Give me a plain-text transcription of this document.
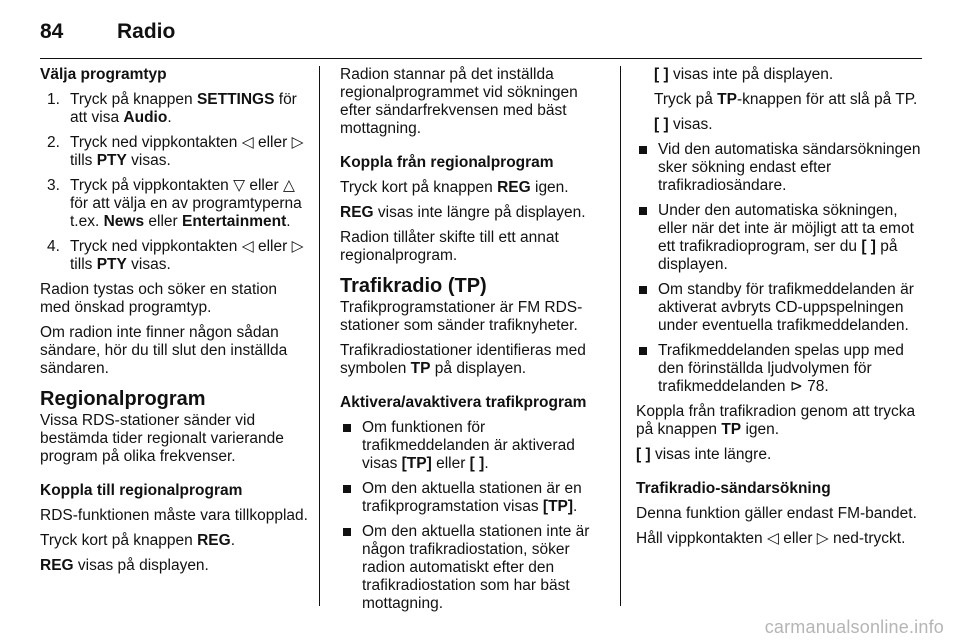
84	Radio

Välja programtyp

1. Tryck på knappen SETTINGS för att visa Audio.
2. Tryck ned vippkontakten ◁ eller ▷ tills PTY visas.
3. Tryck på vippkontakten ▽ eller △ för att välja en av programtyperna t.ex. News eller Entertainment.
4. Tryck ned vippkontakten ◁ eller ▷ tills PTY visas.

Radion tystas och söker en station med önskad programtyp.

Om radion inte finner någon sådan sändare, hör du till slut den inställda sändaren.

Regionalprogram

Vissa RDS-stationer sänder vid bestämda tider regionalt varierande program på olika frekvenser.

Koppla till regionalprogram

RDS-funktionen måste vara tillkopplad.

Tryck kort på knappen REG.

REG visas på displayen.

Radion stannar på det inställda regionalprogrammet vid sökningen efter sändarfrekvensen med bäst mottagning.

Koppla från regionalprogram

Tryck kort på knappen REG igen.

REG visas inte längre på displayen.

Radion tillåter skifte till ett annat regionalprogram.

Trafikradio (TP)

Trafikprogramstationer är FM RDS-stationer som sänder trafiknyheter.

Trafikradiostationer identifieras med symbolen TP på displayen.

Aktivera/avaktivera trafikprogram

Om funktionen för trafikmeddelanden är aktiverad visas [TP] eller [ ].
Om den aktuella stationen är en trafikprogramstation visas [TP].
Om den aktuella stationen inte är någon trafikradiostation, söker radion automatiskt efter den trafikradiostation som har bäst mottagning.

[ ] visas inte på displayen.

Tryck på TP-knappen för att slå på TP.

[ ] visas.

Vid den automatiska sändarsökningen sker sökning endast efter trafikradiosändare.
Under den automatiska sökningen, eller när det inte är möjligt att ta emot ett trafikradioprogram, ser du [ ] på displayen.
Om standby för trafikmeddelanden är aktiverat avbryts CD-uppspelningen under eventuella trafikmeddelanden.
Trafikmeddelanden spelas upp med den förinställda ljudvolymen för trafikmeddelanden ⊳ 78.

Koppla från trafikradion genom att trycka på knappen TP igen.

[ ] visas inte längre.

Trafikradio-sändarsökning

Denna funktion gäller endast FM-bandet.

Håll vippkontakten ◁ eller ▷ ned-tryckt.

carmanualsonline.info
